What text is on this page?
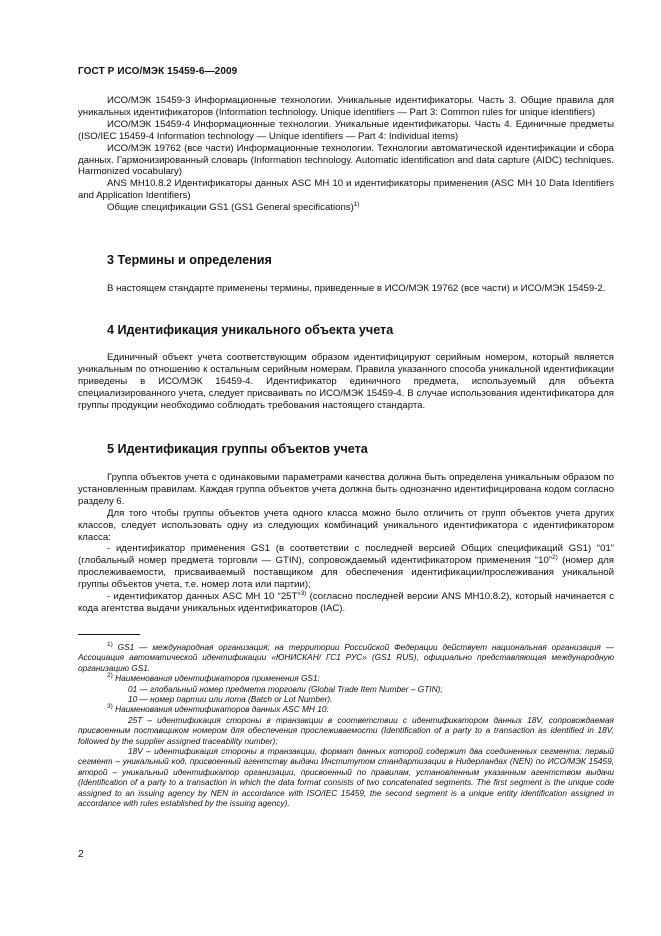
ГОСТ Р ИСО/МЭК 15459-6—2009

ИСО/МЭК 15459-3 Информационные технологии. Уникальные идентификаторы. Часть 3. Общие правила для уникальных идентификаторов (Information technology. Unique identifiers — Part 3: Common rules for unique identifiers)

ИСО/МЭК 15459-4 Информационные технологии. Уникальные идентификаторы. Часть 4. Единичные предметы (ISO/IEC 15459-4 Information technology — Unique identifiers — Part 4: Individual items)

ИСО/МЭК 19762 (все части) Информационные технологии. Технологии автоматической идентификации и сбора данных. Гармонизированный словарь (Information technology. Automatic identification and data capture (AIDC) techniques. Harmonized vocabulary)

ANS MH10.8.2 Идентификаторы данных ASC MH 10 и идентификаторы применения (ASC MH 10 Data Identifiers and Application Identifiers)

Общие спецификации GS1 (GS1 General specifications)$^{1)}$

3 Термины и определения

В настоящем стандарте применены термины, приведенные в ИСО/МЭК 19762 (все части) и ИСО/МЭК 15459-2.

4 Идентификация уникального объекта учета

Единичный объект учета соответствующим образом идентифицируют серийным номером, который является уникальным по отношению к остальным серийным номерам. Правила указанного способа уникальной идентификации приведены в ИСО/МЭК 15459-4. Идентификатор единичного предмета, используемый для объекта специализированного учета, следует присваивать по ИСО/МЭК 15459-4. В случае использования идентификатора для группы продукции необходимо соблюдать требования настоящего стандарта.

5 Идентификация группы объектов учета

Группа объектов учета с одинаковыми параметрами качества должна быть определена уникальным образом по установленным правилам. Каждая группа объектов учета должна быть однозначно идентифицирована кодом согласно разделу 6.

Для того чтобы группы объектов учета одного класса можно было отличить от групп объектов учета других классов, следует использовать одну из следующих комбинаций уникального идентификатора с идентификатором класса:

- идентификатор применения GS1 (в соответствии с последней версией Общих спецификаций GS1) “01” (глобальный номер предмета торговли — GTIN), сопровождаемый идентификатором применения “10”$^{2)}$ (номер для прослеживаемости, присваиваемый поставщиком для обеспечения идентификации/прослеживания уникальной группы объектов учета, т.е. номер лота или партии);

- идентификатор данных ASC MH 10 “25T”$^{3)}$ (согласно последней версии ANS MH10.8.2), который начинается с кода агентства выдачи уникальных идентификаторов (IAC).

$^{1)}$ GS1 — международная организация; на территории Российской Федерации действует национальная организация — Ассоциация автоматической идентификации «ЮНИСКАН/ ГС1 РУС» (GS1 RUS), официально представляющая международную организацию GS1.

$^{2)}$ Наименования идентификаторов применения GS1:

01 — глобальный номер предмета торговли (Global Trade Item Number – GTIN);

10 — номер партии или лота (Batch or Lot Number).

$^{3)}$ Наименования идентификаторов данных ASC MH 10:

25T – идентификация стороны в транзакции в соответствии с идентификатором данных 18V, сопровождаемая присвоенным поставщиком номером для обеспечения прослеживаемости (Identification of a party to a transaction as identified in 18V, followed by the supplier assigned traceability number);

18V – идентификация стороны в транзакции, формат данных которой содержит два соединенных сегмента: первый сегмент – уникальный код, присвоенный агентству выдачи Институтом стандартизации в Нидерландах (NEN) по ИСО/МЭК 15459, второй – уникальный идентификатор организации, присвоенный по правилам, установленным указанным агентством выдачи (Identification of a party to a transaction in which the data format consists of two concatenated segments. The first segment is the unique code assigned to an issuing agency by NEN in accordance with ISO/IEC 15459, the second segment is a unique entity identification assigned in accordance with rules established by the issuing agency).

2
